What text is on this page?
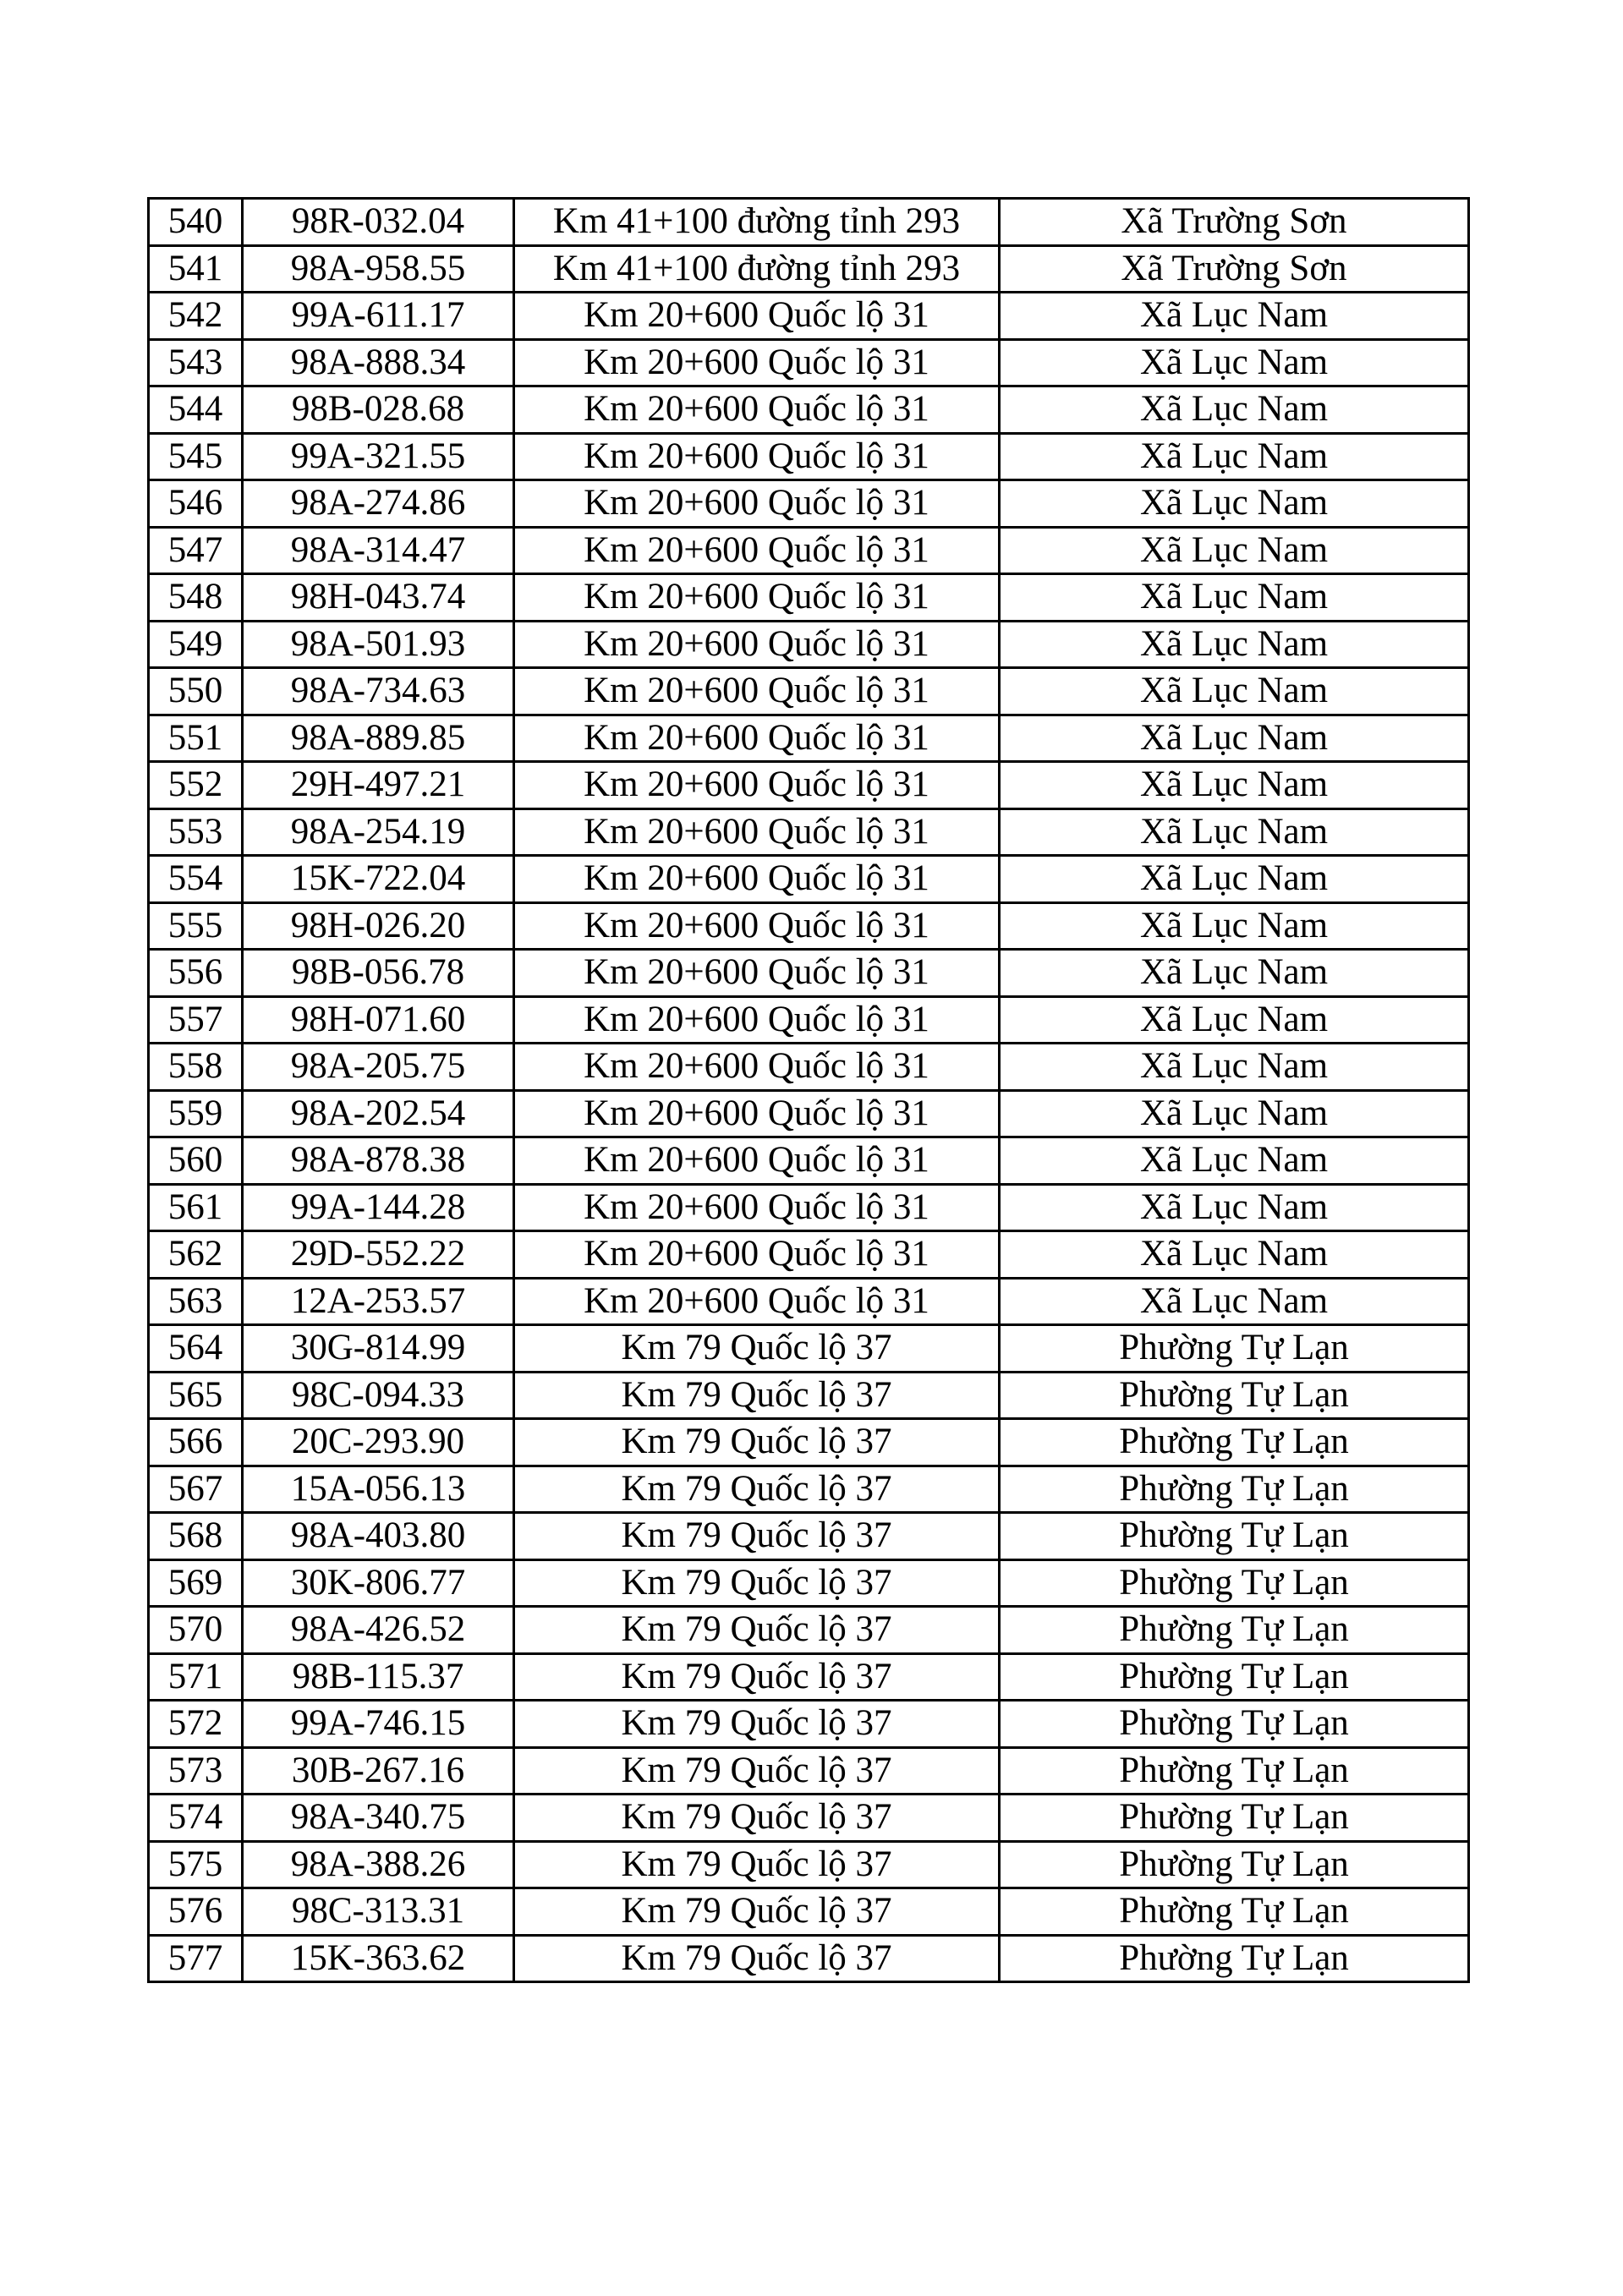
540	98R-032.04	Km 41+100 đường tỉnh 293	Xã Trường Sơn
541	98A-958.55	Km 41+100 đường tỉnh 293	Xã Trường Sơn
542	99A-611.17	Km 20+600 Quốc lộ 31	Xã Lục Nam
543	98A-888.34	Km 20+600 Quốc lộ 31	Xã Lục Nam
544	98B-028.68	Km 20+600 Quốc lộ 31	Xã Lục Nam
545	99A-321.55	Km 20+600 Quốc lộ 31	Xã Lục Nam
546	98A-274.86	Km 20+600 Quốc lộ 31	Xã Lục Nam
547	98A-314.47	Km 20+600 Quốc lộ 31	Xã Lục Nam
548	98H-043.74	Km 20+600 Quốc lộ 31	Xã Lục Nam
549	98A-501.93	Km 20+600 Quốc lộ 31	Xã Lục Nam
550	98A-734.63	Km 20+600 Quốc lộ 31	Xã Lục Nam
551	98A-889.85	Km 20+600 Quốc lộ 31	Xã Lục Nam
552	29H-497.21	Km 20+600 Quốc lộ 31	Xã Lục Nam
553	98A-254.19	Km 20+600 Quốc lộ 31	Xã Lục Nam
554	15K-722.04	Km 20+600 Quốc lộ 31	Xã Lục Nam
555	98H-026.20	Km 20+600 Quốc lộ 31	Xã Lục Nam
556	98B-056.78	Km 20+600 Quốc lộ 31	Xã Lục Nam
557	98H-071.60	Km 20+600 Quốc lộ 31	Xã Lục Nam
558	98A-205.75	Km 20+600 Quốc lộ 31	Xã Lục Nam
559	98A-202.54	Km 20+600 Quốc lộ 31	Xã Lục Nam
560	98A-878.38	Km 20+600 Quốc lộ 31	Xã Lục Nam
561	99A-144.28	Km 20+600 Quốc lộ 31	Xã Lục Nam
562	29D-552.22	Km 20+600 Quốc lộ 31	Xã Lục Nam
563	12A-253.57	Km 20+600 Quốc lộ 31	Xã Lục Nam
564	30G-814.99	Km 79 Quốc lộ 37	Phường Tự Lạn
565	98C-094.33	Km 79 Quốc lộ 37	Phường Tự Lạn
566	20C-293.90	Km 79 Quốc lộ 37	Phường Tự Lạn
567	15A-056.13	Km 79 Quốc lộ 37	Phường Tự Lạn
568	98A-403.80	Km 79 Quốc lộ 37	Phường Tự Lạn
569	30K-806.77	Km 79 Quốc lộ 37	Phường Tự Lạn
570	98A-426.52	Km 79 Quốc lộ 37	Phường Tự Lạn
571	98B-115.37	Km 79 Quốc lộ 37	Phường Tự Lạn
572	99A-746.15	Km 79 Quốc lộ 37	Phường Tự Lạn
573	30B-267.16	Km 79 Quốc lộ 37	Phường Tự Lạn
574	98A-340.75	Km 79 Quốc lộ 37	Phường Tự Lạn
575	98A-388.26	Km 79 Quốc lộ 37	Phường Tự Lạn
576	98C-313.31	Km 79 Quốc lộ 37	Phường Tự Lạn
577	15K-363.62	Km 79 Quốc lộ 37	Phường Tự Lạn
